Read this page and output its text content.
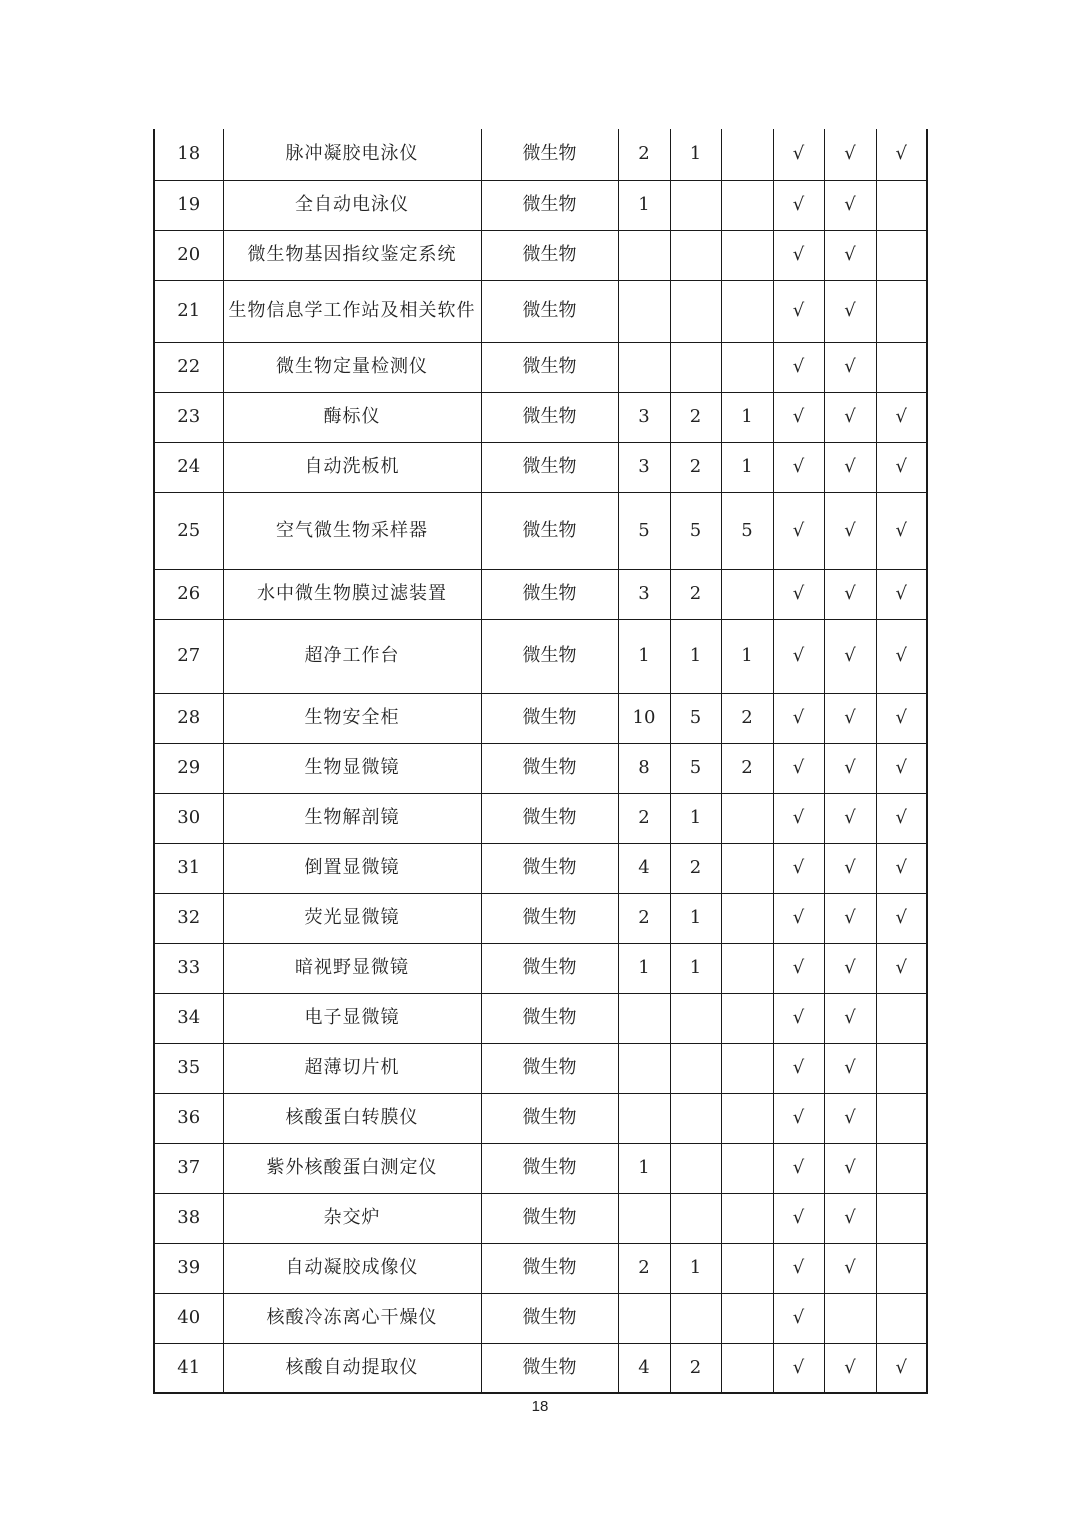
18	脉冲凝胶电泳仪	微生物	2	1		√	√	√
19	全自动电泳仪	微生物	1			√	√	
20	微生物基因指纹鉴定系统	微生物				√	√	
21	生物信息学工作站及相关软件	微生物				√	√	
22	微生物定量检测仪	微生物				√	√	
23	酶标仪	微生物	3	2	1	√	√	√
24	自动洗板机	微生物	3	2	1	√	√	√
25	空气微生物采样器	微生物	5	5	5	√	√	√
26	水中微生物膜过滤装置	微生物	3	2		√	√	√
27	超净工作台	微生物	1	1	1	√	√	√
28	生物安全柜	微生物	10	5	2	√	√	√
29	生物显微镜	微生物	8	5	2	√	√	√
30	生物解剖镜	微生物	2	1		√	√	√
31	倒置显微镜	微生物	4	2		√	√	√
32	荧光显微镜	微生物	2	1		√	√	√
33	暗视野显微镜	微生物	1	1		√	√	√
34	电子显微镜	微生物				√	√	
35	超薄切片机	微生物				√	√	
36	核酸蛋白转膜仪	微生物				√	√	
37	紫外核酸蛋白测定仪	微生物	1			√	√	
38	杂交炉	微生物				√	√	
39	自动凝胶成像仪	微生物	2	1		√	√	
40	核酸冷冻离心干燥仪	微生物				√		
41	核酸自动提取仪	微生物	4	2		√	√	√
18
